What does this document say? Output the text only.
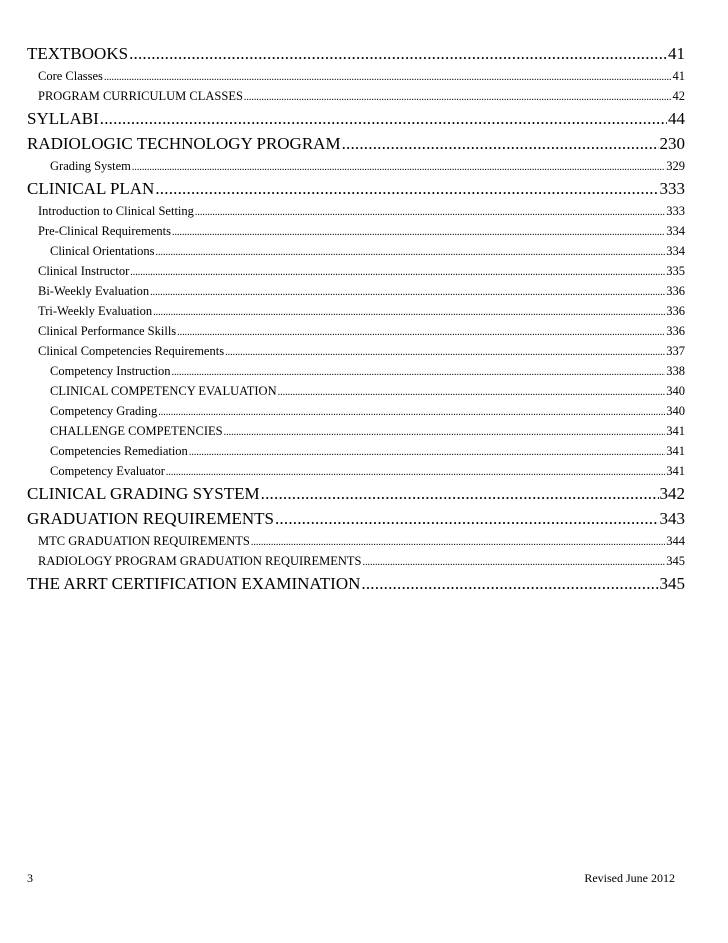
TEXTBOOKS .....	41
Core Classes .....	41
PROGRAM CURRICULUM CLASSES .....	42
SYLLABI .....	44
RADIOLOGIC TECHNOLOGY PROGRAM .....	230
Grading System .....	329
CLINICAL PLAN .....	333
Introduction to Clinical Setting .....	333
Pre-Clinical Requirements .....	334
Clinical Orientations .....	334
Clinical Instructor .....	335
Bi-Weekly Evaluation .....	336
Tri-Weekly Evaluation .....	336
Clinical Performance Skills .....	336
Clinical Competencies Requirements .....	337
Competency Instruction .....	338
CLINICAL COMPETENCY EVALUATION .....	340
Competency Grading .....	340
CHALLENGE COMPETENCIES .....	341
Competencies Remediation .....	341
Competency Evaluator .....	341
CLINICAL GRADING SYSTEM .....	342
GRADUATION REQUIREMENTS .....	343
MTC GRADUATION REQUIREMENTS .....	344
RADIOLOGY PROGRAM GRADUATION REQUIREMENTS .....	345
THE ARRT CERTIFICATION EXAMINATION .....	345
3	Revised June 2012
